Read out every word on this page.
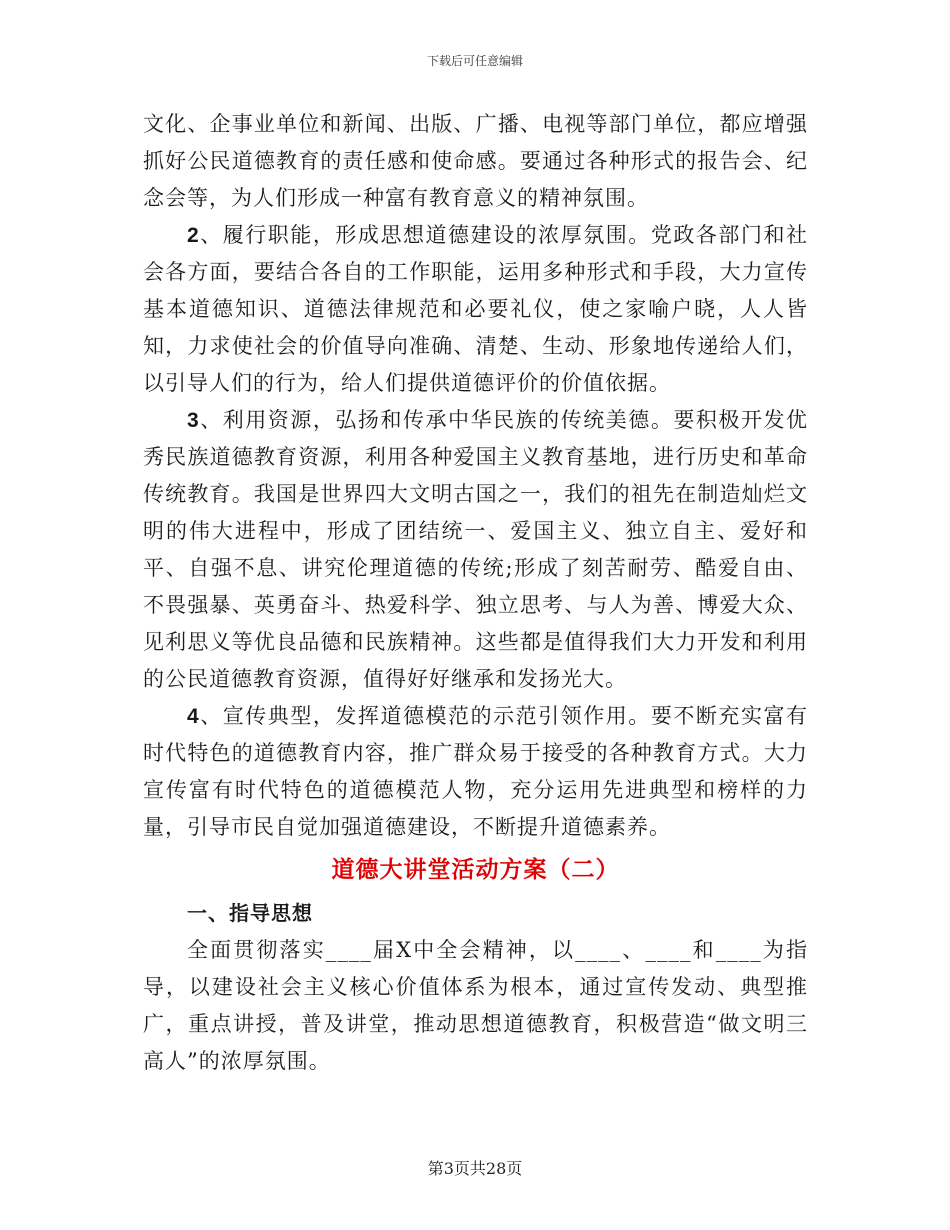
下载后可任意编辑

文化、企事业单位和新闻、出版、广播、电视等部门单位，都应增强抓好公民道德教育的责任感和使命感。要通过各种形式的报告会、纪念会等，为人们形成一种富有教育意义的精神氛围。

2、履行职能，形成思想道德建设的浓厚氛围。党政各部门和社会各方面，要结合各自的工作职能，运用多种形式和手段，大力宣传基本道德知识、道德法律规范和必要礼仪，使之家喻户晓，人人皆知，力求使社会的价值导向准确、清楚、生动、形象地传递给人们，以引导人们的行为，给人们提供道德评价的价值依据。

3、利用资源，弘扬和传承中华民族的传统美德。要积极开发优秀民族道德教育资源，利用各种爱国主义教育基地，进行历史和革命传统教育。我国是世界四大文明古国之一，我们的祖先在制造灿烂文明的伟大进程中，形成了团结统一、爱国主义、独立自主、爱好和平、自强不息、讲究伦理道德的传统;形成了刻苦耐劳、酷爱自由、不畏强暴、英勇奋斗、热爱科学、独立思考、与人为善、博爱大众、见利思义等优良品德和民族精神。这些都是值得我们大力开发和利用的公民道德教育资源，值得好好继承和发扬光大。

4、宣传典型，发挥道德模范的示范引领作用。要不断充实富有时代特色的道德教育内容，推广群众易于接受的各种教育方式。大力宣传富有时代特色的道德模范人物，充分运用先进典型和榜样的力量，引导市民自觉加强道德建设，不断提升道德素养。

道德大讲堂活动方案（二）
一、指导思想

全面贯彻落实____届X中全会精神，以____、____和____为指导，以建设社会主义核心价值体系为根本，通过宣传发动、典型推广，重点讲授，普及讲堂，推动思想道德教育，积极营造“做文明三高人”的浓厚氛围。

第3页共28页
